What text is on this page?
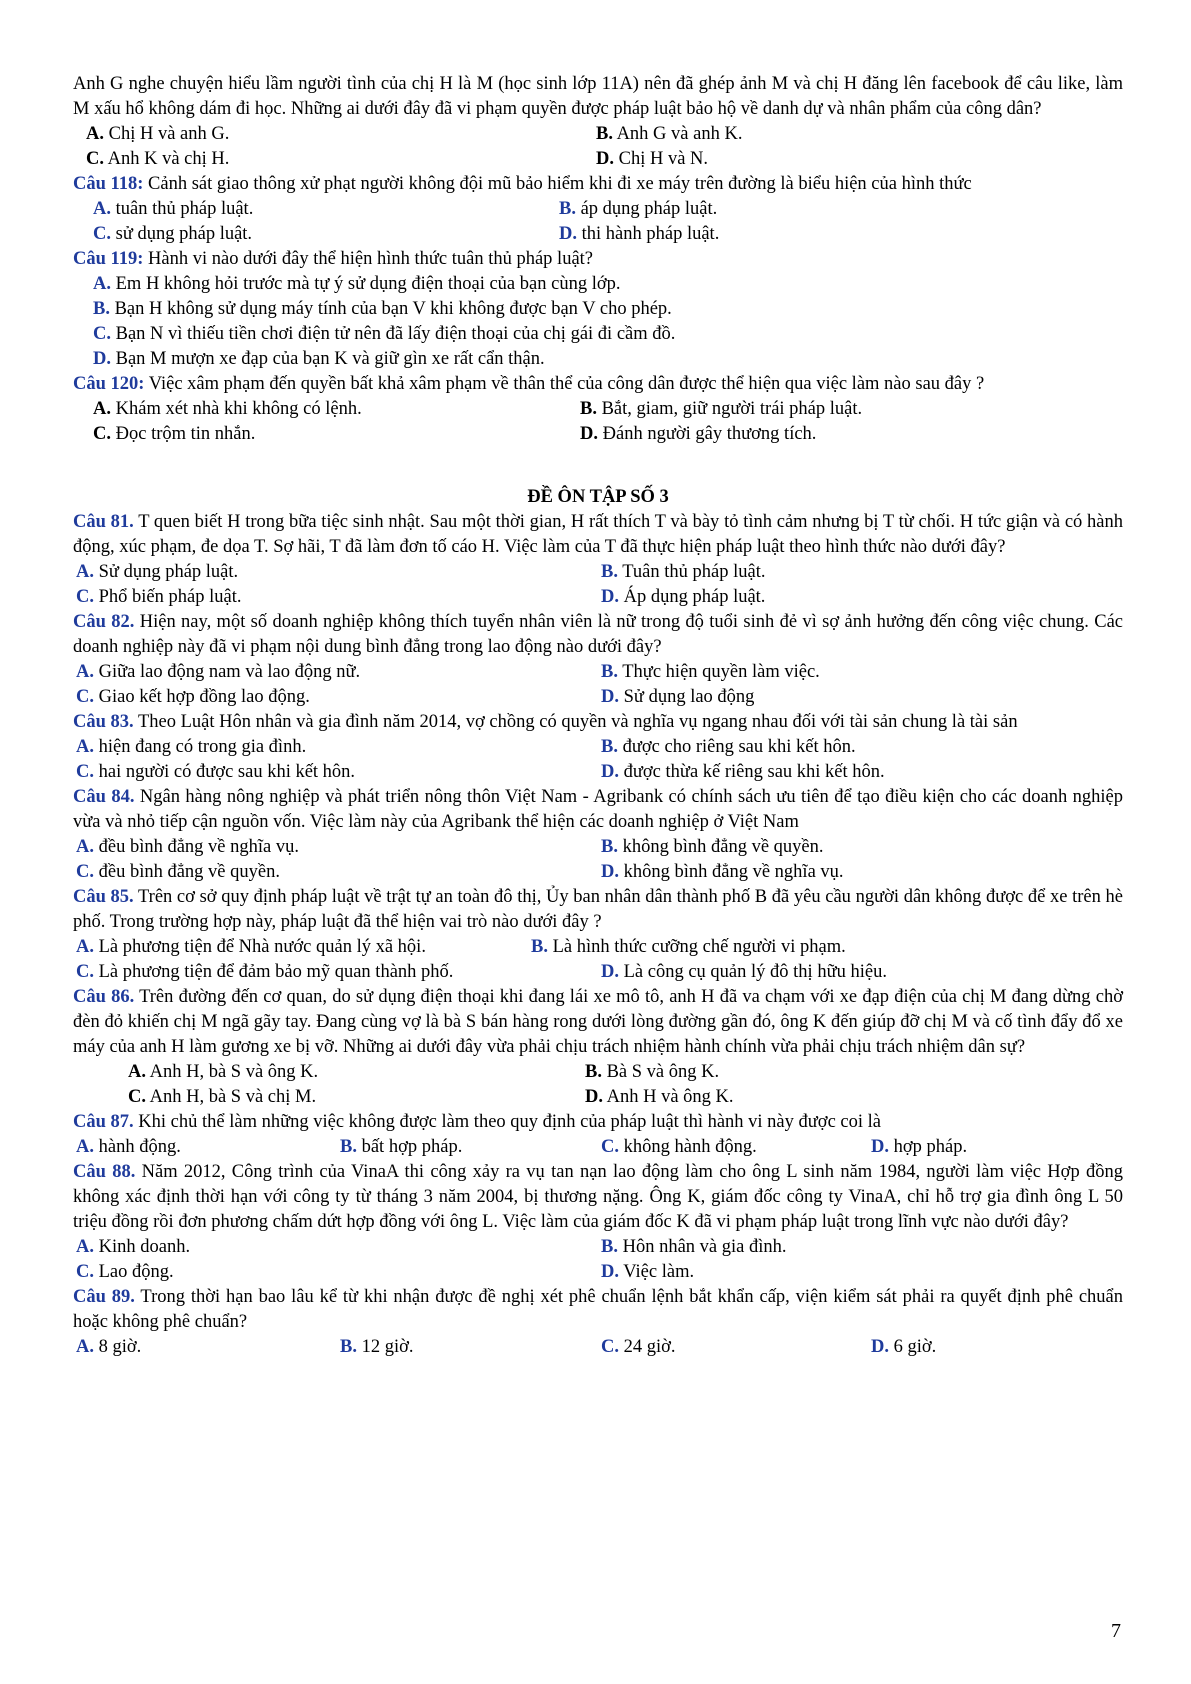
Anh G nghe chuyện hiểu lầm người tình của chị H là M (học sinh lớp 11A) nên đã ghép ảnh M và chị H đăng lên facebook để câu like, làm M xấu hổ không dám đi học. Những ai dưới đây đã vi phạm quyền được pháp luật bảo hộ về danh dự và nhân phẩm của công dân?

A. Chị H và anh G.	B. Anh G và anh K.
C. Anh K và chị H.	D. Chị H và N.

Câu 118: Cảnh sát giao thông xử phạt người không đội mũ bảo hiểm khi đi xe máy trên đường là biểu hiện của hình thức

A. tuân thủ pháp luật.	B. áp dụng pháp luật.
C. sử dụng pháp luật.	D. thi hành pháp luật.

Câu 119: Hành vi nào dưới đây thể hiện hình thức tuân thủ pháp luật?

A. Em H không hỏi trước mà tự ý sử dụng điện thoại của bạn cùng lớp.
B. Bạn H không sử dụng máy tính của bạn V khi không được bạn V cho phép.
C. Bạn N vì thiếu tiền chơi điện tử nên đã lấy điện thoại của chị gái đi cầm đồ.
D. Bạn M mượn xe đạp của bạn K và giữ gìn xe rất cẩn thận.

Câu 120: Việc xâm phạm đến quyền bất khả xâm phạm về thân thể của công dân được thể hiện qua việc làm nào sau đây ?

A. Khám xét nhà khi không có lệnh.	B. Bắt, giam, giữ người trái pháp luật.
C. Đọc trộm tin nhắn.	D. Đánh người gây thương tích.

ĐỀ ÔN TẬP SỐ 3

Câu 81. T quen biết H trong bữa tiệc sinh nhật. Sau một thời gian, H rất thích T và bày tỏ tình cảm nhưng bị T từ chối. H tức giận và có hành động, xúc phạm, đe dọa T. Sợ hãi, T đã làm đơn tố cáo H. Việc làm của T đã thực hiện pháp luật theo hình thức nào dưới đây?

A. Sử dụng pháp luật.	B. Tuân thủ pháp luật.
C. Phổ biến pháp luật.	D. Áp dụng pháp luật.

Câu 82. Hiện nay, một số doanh nghiệp không thích tuyển nhân viên là nữ trong độ tuổi sinh đẻ vì sợ ảnh hưởng đến công việc chung. Các doanh nghiệp này đã vi phạm nội dung bình đẳng trong lao động nào dưới đây?

A. Giữa lao động nam và lao động nữ.	B. Thực hiện quyền làm việc.
C. Giao kết hợp đồng lao động.	D. Sử dụng lao động

Câu 83. Theo Luật Hôn nhân và gia đình năm 2014, vợ chồng có quyền và nghĩa vụ ngang nhau đối với tài sản chung là tài sản

A. hiện đang có trong gia đình.	B. được cho riêng sau khi kết hôn.
C. hai người có được sau khi kết hôn.	D. được thừa kế riêng sau khi kết hôn.

Câu 84. Ngân hàng nông nghiệp và phát triển nông thôn Việt Nam - Agribank có chính sách ưu tiên để tạo điều kiện cho các doanh nghiệp vừa và nhỏ tiếp cận nguồn vốn. Việc làm này của Agribank thể hiện các doanh nghiệp ở Việt Nam

A. đều bình đẳng về nghĩa vụ.	B. không bình đẳng về quyền.
C. đều bình đẳng về quyền.	D. không bình đẳng về nghĩa vụ.

Câu 85. Trên cơ sở quy định pháp luật về trật tự an toàn đô thị, Ủy ban nhân dân thành phố B đã yêu cầu người dân không được để xe trên hè phố. Trong trường hợp này, pháp luật đã thể hiện vai trò nào dưới đây ?

A. Là phương tiện để Nhà nước quản lý xã hội.	B. Là hình thức cưỡng chế người vi phạm.
C. Là phương tiện để đảm bảo mỹ quan thành phố.	D. Là công cụ quản lý đô thị hữu hiệu.

Câu 86. Trên đường đến cơ quan, do sử dụng điện thoại khi đang lái xe mô tô, anh H đã va chạm với xe đạp điện của chị M đang dừng chờ đèn đỏ khiến chị M ngã gãy tay. Đang cùng vợ là bà S bán hàng rong dưới lòng đường gần đó, ông K đến giúp đỡ chị M và cố tình đẩy đổ xe máy của anh H làm gương xe bị vỡ. Những ai dưới đây vừa phải chịu trách nhiệm hành chính vừa phải chịu trách nhiệm dân sự?

A. Anh H, bà S và ông K.	B. Bà S và ông K.
C. Anh H, bà S và chị M.	D. Anh H và ông K.

Câu 87. Khi chủ thể làm những việc không được làm theo quy định của pháp luật thì hành vi này được coi là

A. hành động.	B. bất hợp pháp.	C. không hành động.	D. hợp pháp.

Câu 88. Năm 2012, Công trình của VinaA thi công xảy ra vụ tan nạn lao động làm cho ông L sinh năm 1984, người làm việc Hợp đồng không xác định thời hạn với công ty từ tháng 3 năm 2004, bị thương nặng. Ông K, giám đốc công ty VinaA, chỉ hỗ trợ gia đình ông L 50 triệu đồng rồi đơn phương chấm dứt hợp đồng với ông L. Việc làm của giám đốc K đã vi phạm pháp luật trong lĩnh vực nào dưới đây?

A. Kinh doanh.	B. Hôn nhân và gia đình.
C. Lao động.	D. Việc làm.

Câu 89. Trong thời hạn bao lâu kể từ khi nhận được đề nghị xét phê chuẩn lệnh bắt khẩn cấp, viện kiểm sát phải ra quyết định phê chuẩn hoặc không phê chuẩn?

A. 8 giờ.	B. 12 giờ.	C. 24 giờ.	D. 6 giờ.
7
